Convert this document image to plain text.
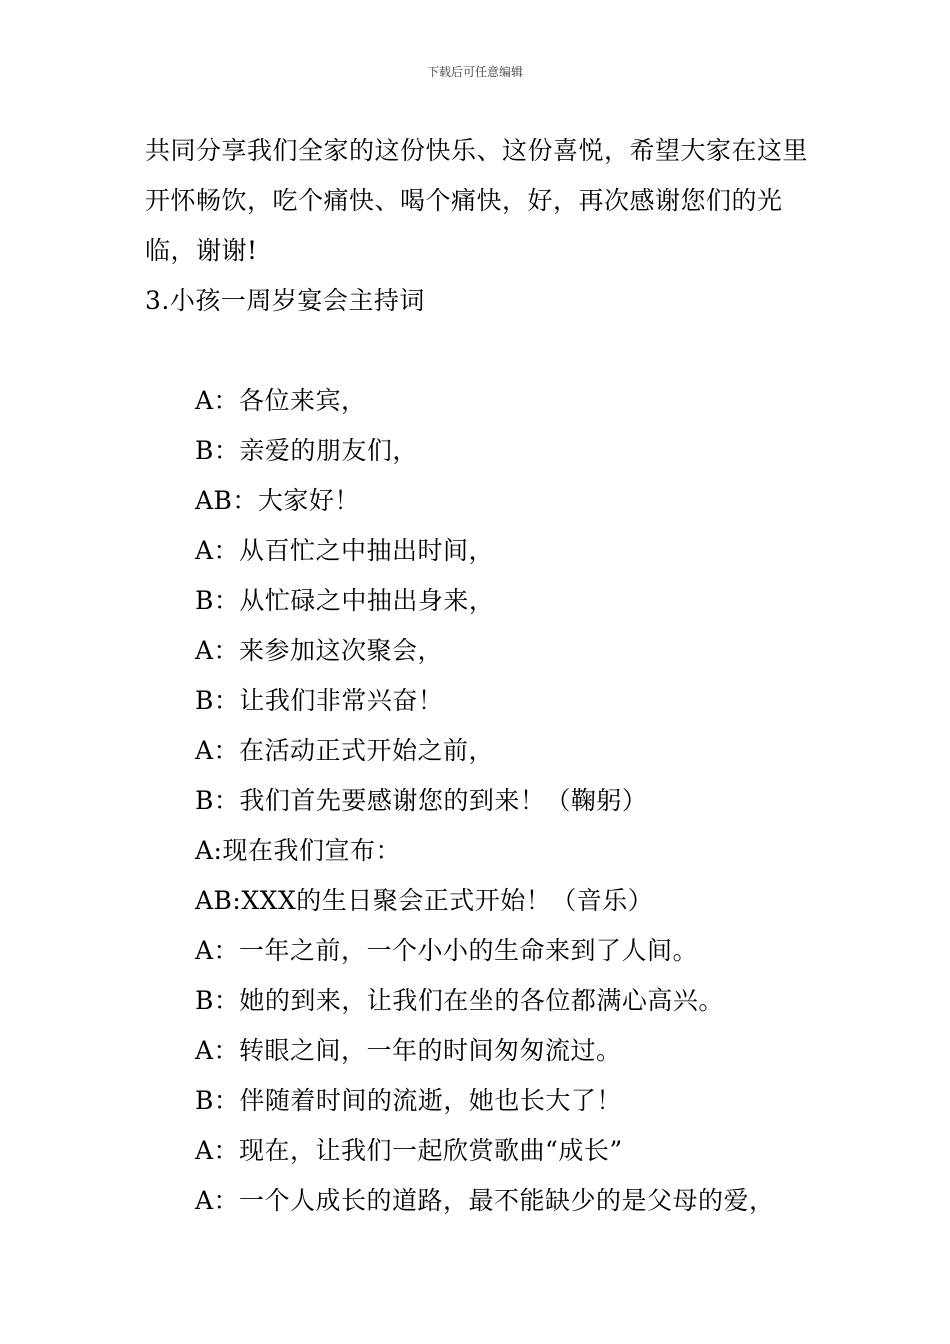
下载后可任意编辑

共同分享我们全家的这份快乐、这份喜悦，希望大家在这里开怀畅饮，吃个痛快、喝个痛快，好，再次感谢您们的光临，谢谢!

3.小孩一周岁宴会主持词

A：各位来宾，

B：亲爱的朋友们，

AB：大家好！

A：从百忙之中抽出时间，

B：从忙碌之中抽出身来，

A：来参加这次聚会，

B：让我们非常兴奋！

A：在活动正式开始之前，

B：我们首先要感谢您的到来！（鞠躬）

A:现在我们宣布：

AB:XXX的生日聚会正式开始！（音乐）

A：一年之前，一个小小的生命来到了人间。

B：她的到来，让我们在坐的各位都满心高兴。

A：转眼之间，一年的时间匆匆流过。

B：伴随着时间的流逝，她也长大了！

A：现在，让我们一起欣赏歌曲“成长”

A：一个人成长的道路，最不能缺少的是父母的爱，
